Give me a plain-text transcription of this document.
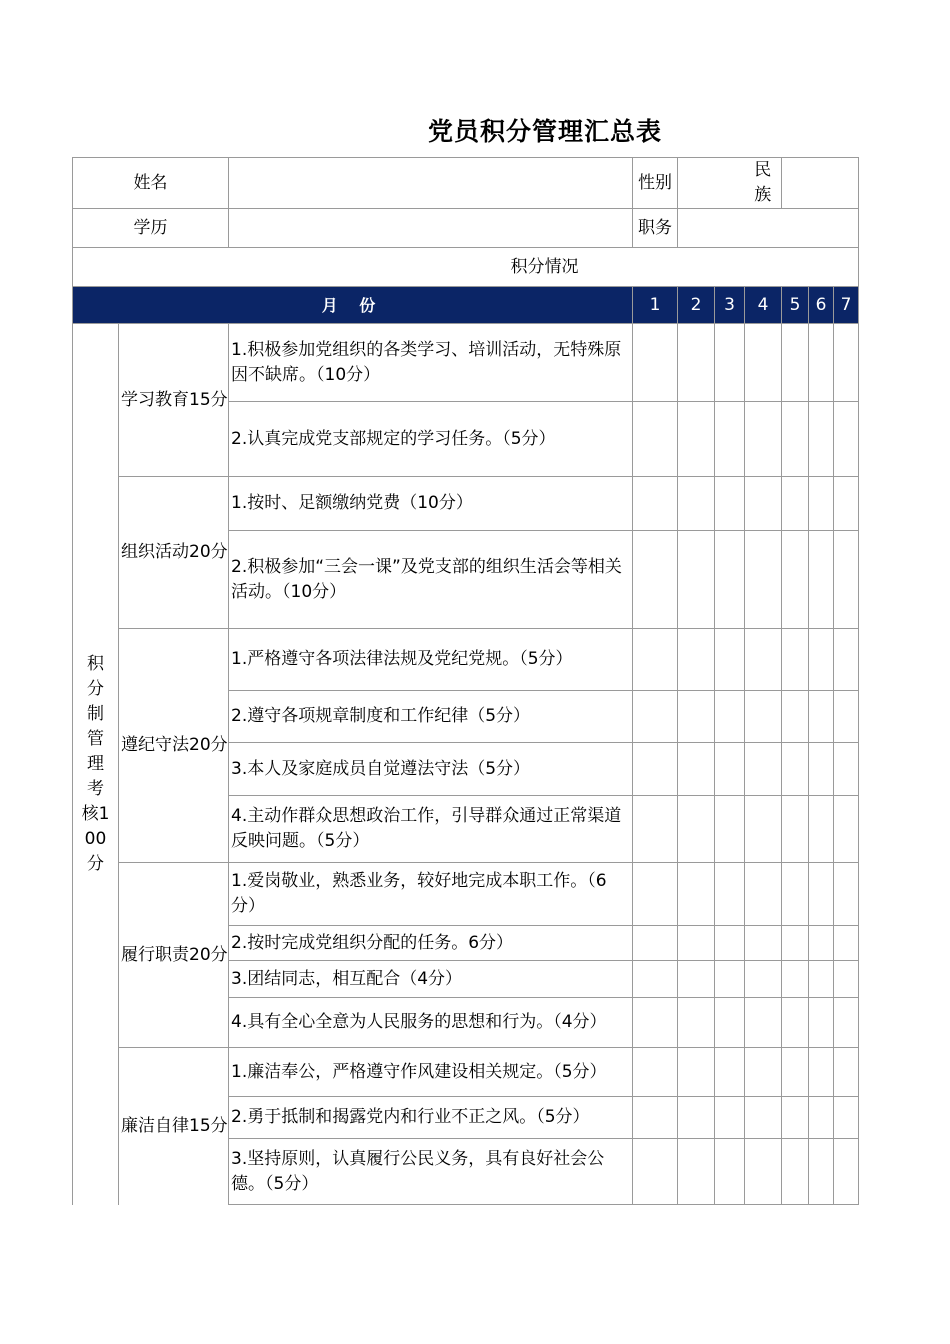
党员积分管理汇总表
姓名			性别			民族			
学历			职务						
积分情况									
月 份			1	2	3	4	5	6	7

积分制管理考核100分	学习教育15分	1.积极参加党组织的各类学习、培训活动，无特殊原因不缺席。（10分）							
		2.认真完成党支部规定的学习任务。（5分）							
	组织活动20分	1.按时、足额缴纳党费（10分）							
		2.积极参加“三会一课”及党支部的组织生活会等相关活动。（10分）							
	遵纪守法20分	1.严格遵守各项法律法规及党纪党规。（5分）							
		2.遵守各项规章制度和工作纪律（5分）							
		3.本人及家庭成员自觉遵法守法（5分）							
		4.主动作群众思想政治工作，引导群众通过正常渠道反映问题。（5分）							
	履行职责20分	1.爱岗敬业，熟悉业务，较好地完成本职工作。（6分）							
		2.按时完成党组织分配的任务。6分）							
		3.团结同志，相互配合（4分）							
		4.具有全心全意为人民服务的思想和行为。（4分）							
	廉洁自律15分	1.廉洁奉公，严格遵守作风建设相关规定。（5分）							
		2.勇于抵制和揭露党内和行业不正之风。（5分）							
		3.坚持原则，认真履行公民义务，具有良好社会公德。（5分）							
